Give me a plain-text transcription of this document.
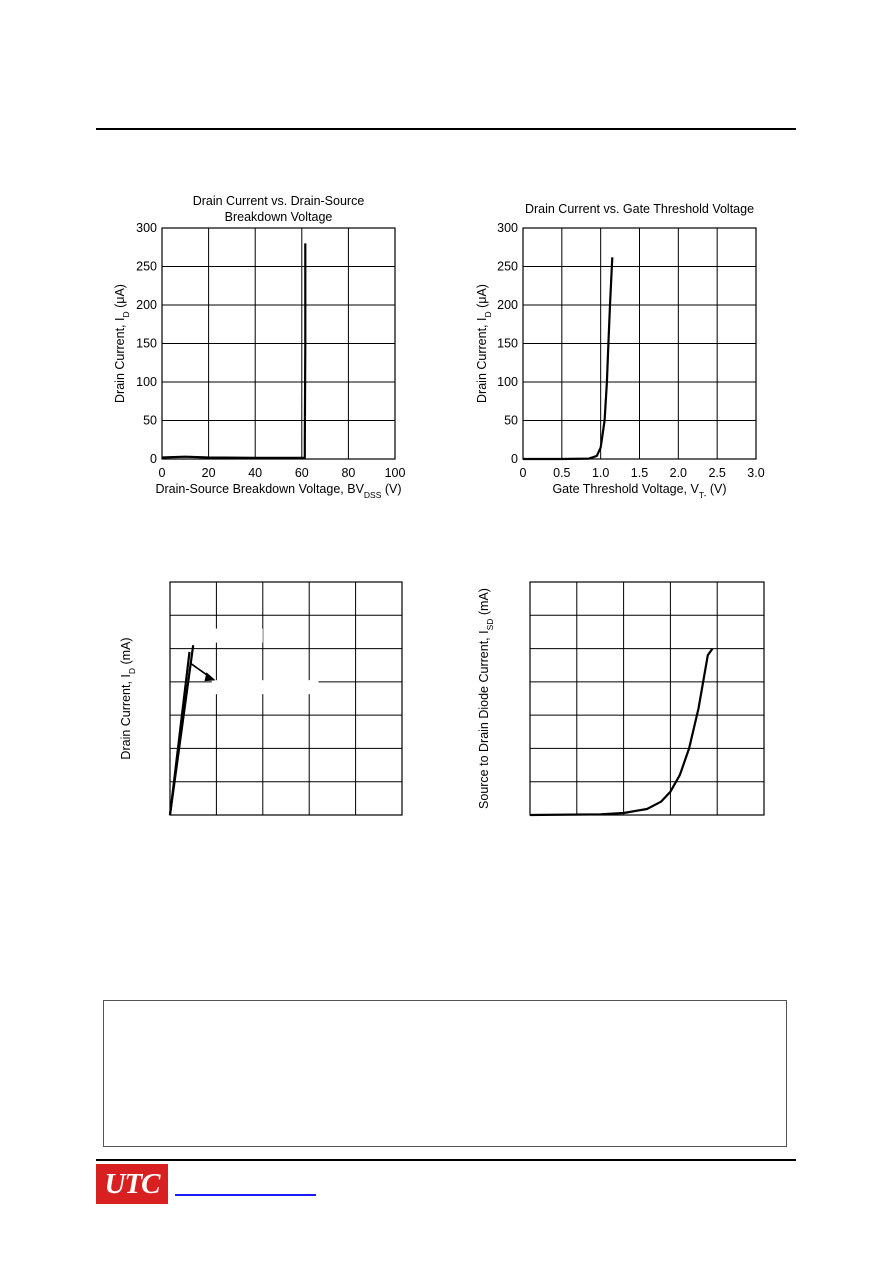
Drain Current vs. Drain-Source
Breakdown Voltage
0	20	40	60	80 100
0
50
100
150
200
250
300
Drain-Source Breakdown Voltage, $BV_{DSS}$ (V)
Drain Current, $I_D$ (μA)
Drain Current vs. Gate Threshold Voltage
0 0.5 1.0 1.5 2.0 2.5 3.0
0
50
100
150
200
250
300
Gate Threshold Voltage, $V_{T-}$ (V)
Drain Current, $I_D$ (μA)
Drain Current, $I_D$ (mA)	Source to Drain Diode Current, $I_{SD}$ (mA)
UTC
